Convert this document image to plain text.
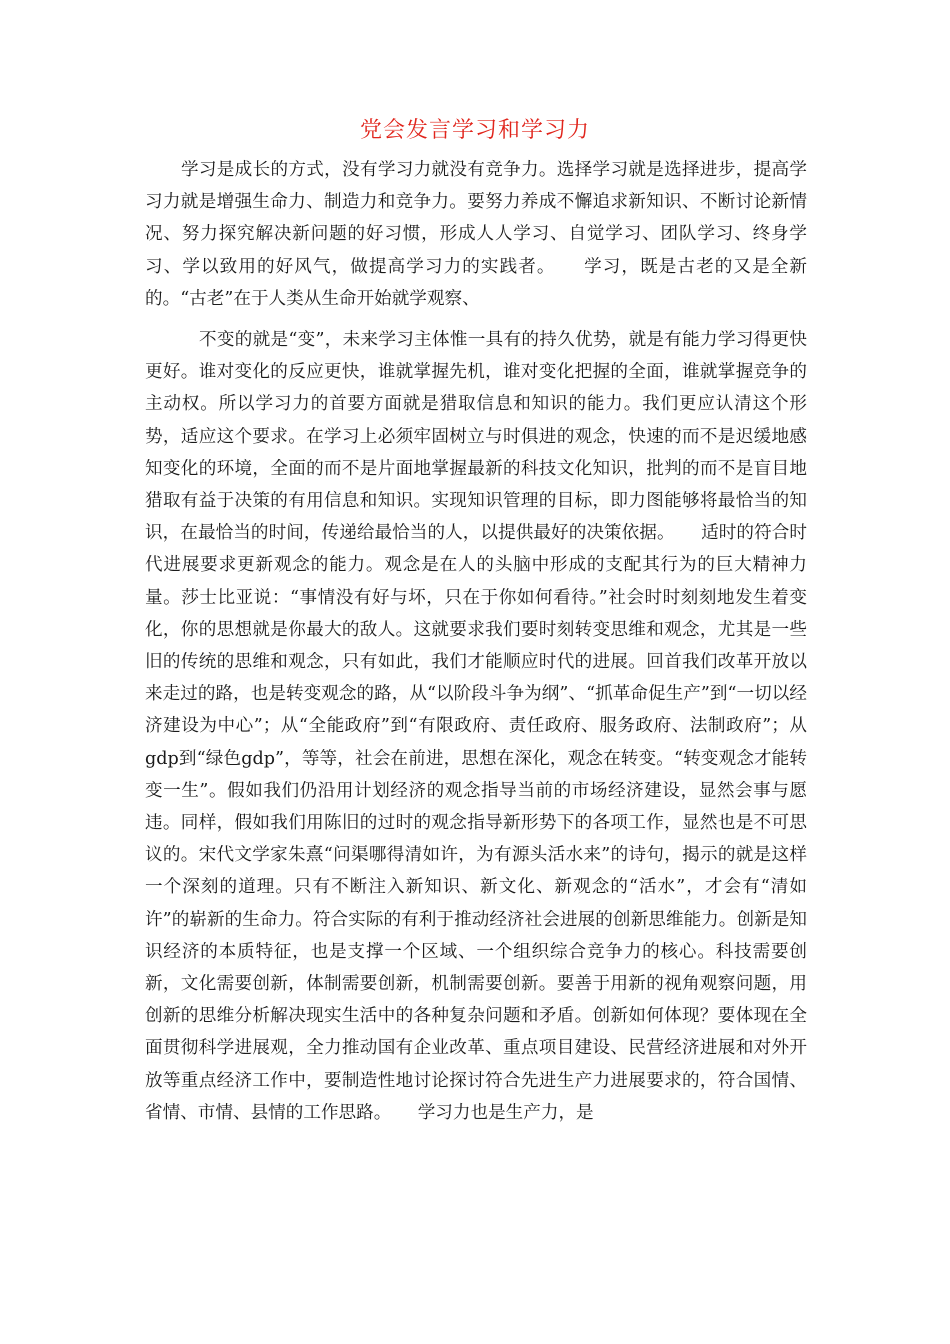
党会发言学习和学习力

学习是成长的方式，没有学习力就没有竞争力。选择学习就是选择进步，提高学习力就是增强生命力、制造力和竞争力。要努力养成不懈追求新知识、不断讨论新情况、努力探究解决新问题的好习惯，形成人人学习、自觉学习、团队学习、终身学习、学以致用的好风气，做提高学习力的实践者。　　学习，既是古老的又是全新的。“古老”在于人类从生命开始就学观察、

不变的就是“变”，未来学习主体惟一具有的持久优势，就是有能力学习得更快更好。谁对变化的反应更快，谁就掌握先机，谁对变化把握的全面，谁就掌握竞争的主动权。所以学习力的首要方面就是猎取信息和知识的能力。我们更应认清这个形势，适应这个要求。在学习上必须牢固树立与时俱进的观念，快速的而不是迟缓地感知变化的环境，全面的而不是片面地掌握最新的科技文化知识，批判的而不是盲目地猎取有益于决策的有用信息和知识。实现知识管理的目标，即力图能够将最恰当的知识，在最恰当的时间，传递给最恰当的人，以提供最好的决策依据。　　适时的符合时代进展要求更新观念的能力。观念是在人的头脑中形成的支配其行为的巨大精神力量。莎士比亚说：“事情没有好与坏，只在于你如何看待。”社会时时刻刻地发生着变化，你的思想就是你最大的敌人。这就要求我们要时刻转变思维和观念，尤其是一些旧的传统的思维和观念，只有如此，我们才能顺应时代的进展。回首我们改革开放以来走过的路，也是转变观念的路，从“以阶段斗争为纲”、“抓革命促生产”到“一切以经济建设为中心”；从“全能政府”到“有限政府、责任政府、服务政府、法制政府”；从gdp到“绿色gdp”，等等，社会在前进，思想在深化，观念在转变。“转变观念才能转变一生”。假如我们仍沿用计划经济的观念指导当前的市场经济建设，显然会事与愿违。同样，假如我们用陈旧的过时的观念指导新形势下的各项工作，显然也是不可思议的。宋代文学家朱熹“问渠哪得清如许，为有源头活水来”的诗句，揭示的就是这样一个深刻的道理。只有不断注入新知识、新文化、新观念的“活水”，才会有“清如许”的崭新的生命力。符合实际的有利于推动经济社会进展的创新思维能力。创新是知识经济的本质特征，也是支撑一个区域、一个组织综合竞争力的核心。科技需要创新，文化需要创新，体制需要创新，机制需要创新。要善于用新的视角观察问题，用创新的思维分析解决现实生活中的各种复杂问题和矛盾。创新如何体现？要体现在全面贯彻科学进展观，全力推动国有企业改革、重点项目建设、民营经济进展和对外开放等重点经济工作中，要制造性地讨论探讨符合先进生产力进展要求的，符合国情、省情、市情、县情的工作思路。　　学习力也是生产力，是
